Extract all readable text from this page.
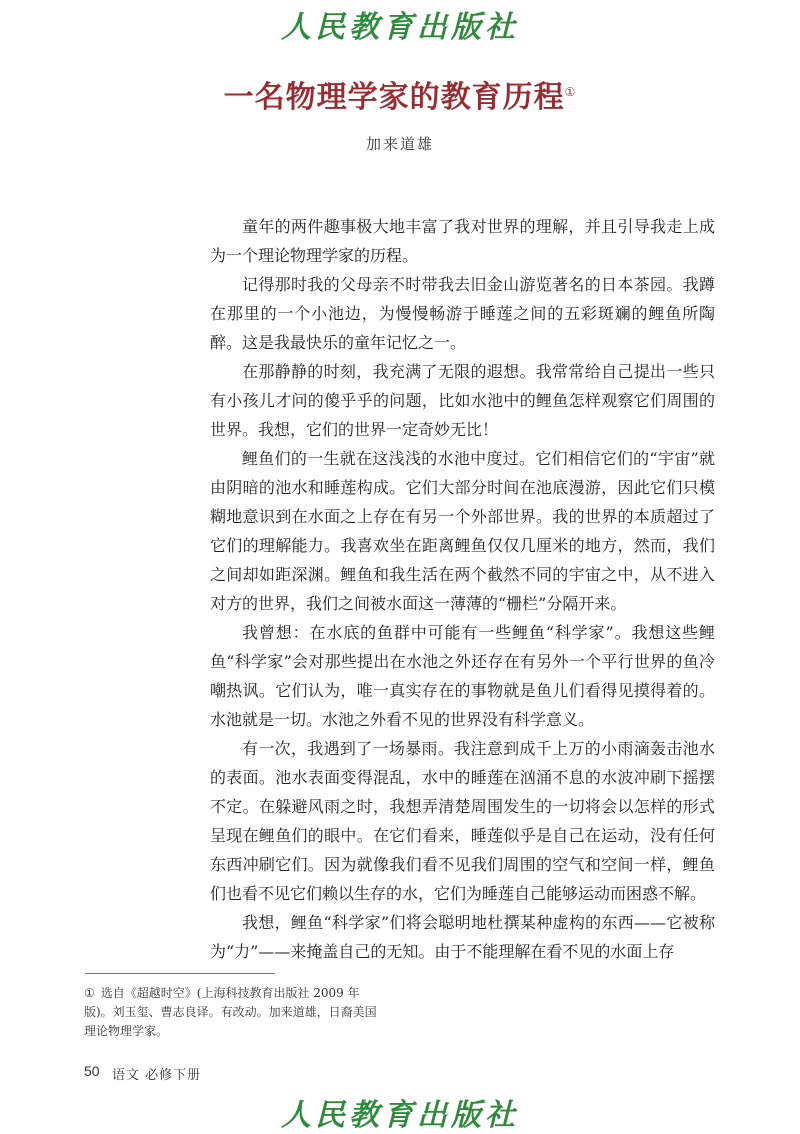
人民教育出版社
一名物理学家的教育历程①
加来道雄

童年的两件趣事极大地丰富了我对世界的理解，并且引导我走上成为一个理论物理学家的历程。

记得那时我的父母亲不时带我去旧金山游览著名的日本茶园。我蹲在那里的一个小池边，为慢慢畅游于睡莲之间的五彩斑斓的鲤鱼所陶醉。这是我最快乐的童年记忆之一。

在那静静的时刻，我充满了无限的遐想。我常常给自己提出一些只有小孩儿才问的傻乎乎的问题，比如水池中的鲤鱼怎样观察它们周围的世界。我想，它们的世界一定奇妙无比！

鲤鱼们的一生就在这浅浅的水池中度过。它们相信它们的“宇宙”就由阴暗的池水和睡莲构成。它们大部分时间在池底漫游，因此它们只模糊地意识到在水面之上存在有另一个外部世界。我的世界的本质超过了它们的理解能力。我喜欢坐在距离鲤鱼仅仅几厘米的地方，然而，我们之间却如距深渊。鲤鱼和我生活在两个截然不同的宇宙之中，从不进入对方的世界，我们之间被水面这一薄薄的“栅栏”分隔开来。

我曾想：在水底的鱼群中可能有一些鲤鱼“科学家”。我想这些鲤鱼“科学家”会对那些提出在水池之外还存在有另外一个平行世界的鱼冷嘲热讽。它们认为，唯一真实存在的事物就是鱼儿们看得见摸得着的。水池就是一切。水池之外看不见的世界没有科学意义。

有一次，我遇到了一场暴雨。我注意到成千上万的小雨滴轰击池水的表面。池水表面变得混乱，水中的睡莲在汹涌不息的水波冲刷下摇摆不定。在躲避风雨之时，我想弄清楚周围发生的一切将会以怎样的形式呈现在鲤鱼们的眼中。在它们看来，睡莲似乎是自己在运动，没有任何东西冲刷它们。因为就像我们看不见我们周围的空气和空间一样，鲤鱼们也看不见它们赖以生存的水，它们为睡莲自己能够运动而困惑不解。

我想，鲤鱼“科学家”们将会聪明地杜撰某种虚构的东西——它被称为“力”——来掩盖自己的无知。由于不能理解在看不见的水面上存

① 选自《超越时空》(上海科技教育出版社 2009 年版)。刘玉玺、曹志良译。有改动。加来道雄，日裔美国理论物理学家。
50 语文 必修下册
人民教育出版社
